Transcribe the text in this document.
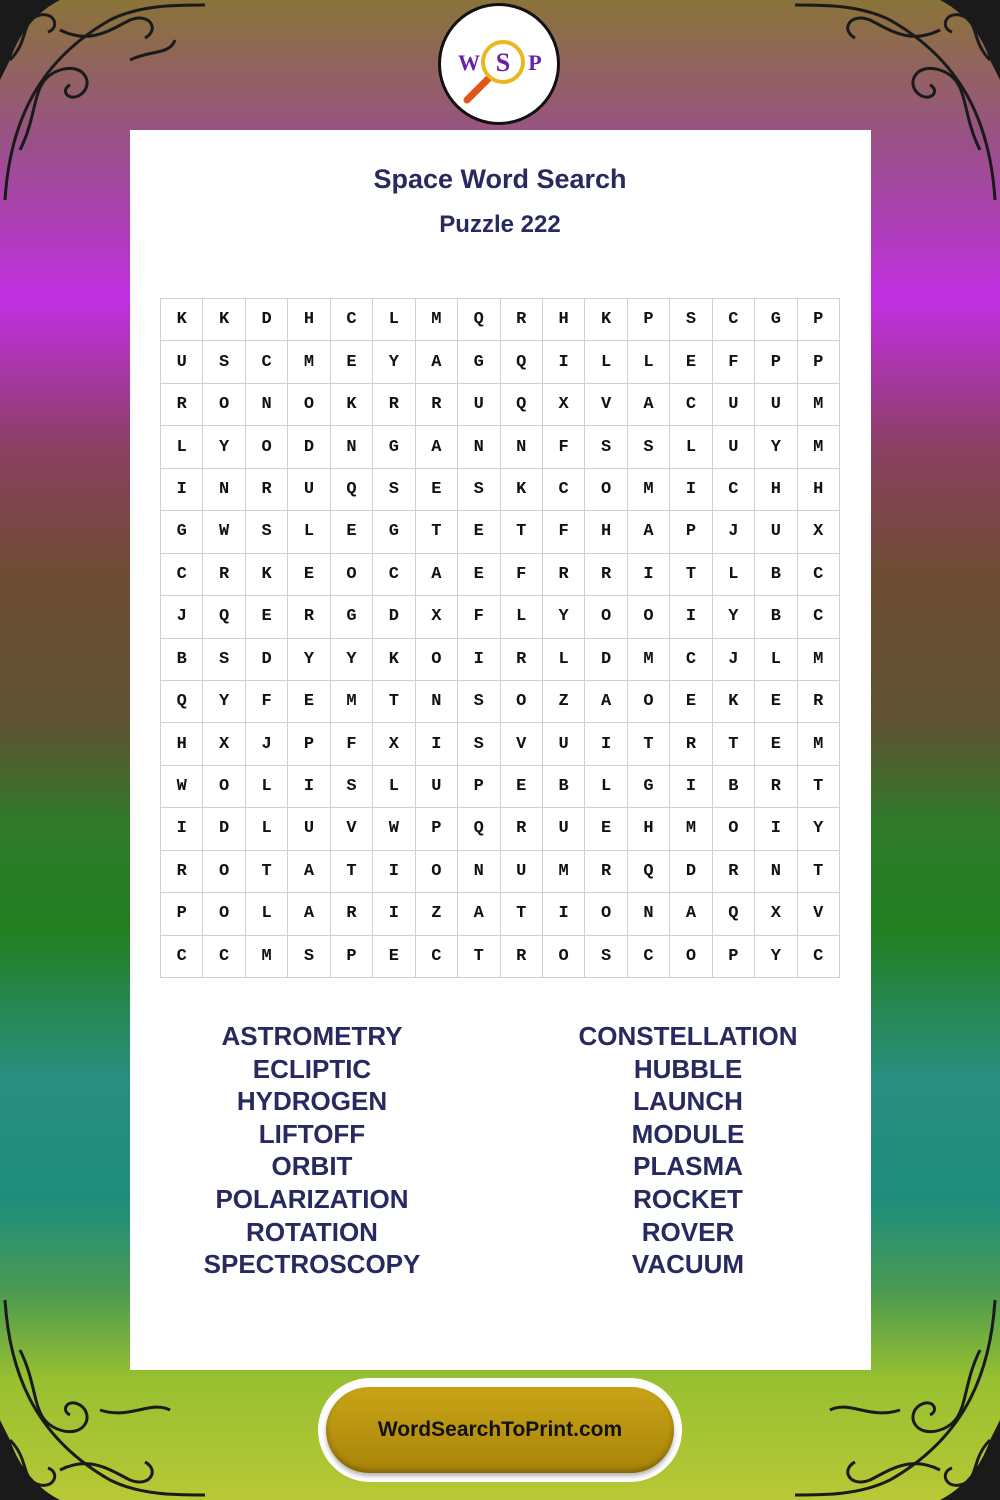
W S P
Space Word Search
Puzzle 222
K	K	D	H	C	L	M	Q	R	H	K	P	S	C	G	P
U	S	C	M	E	Y	A	G	Q	I	L	L	E	F	P	P
R	O	N	O	K	R	R	U	Q	X	V	A	C	U	U	M
L	Y	O	D	N	G	A	N	N	F	S	S	L	U	Y	M
I	N	R	U	Q	S	E	S	K	C	O	M	I	C	H	H
G	W	S	L	E	G	T	E	T	F	H	A	P	J	U	X
C	R	K	E	O	C	A	E	F	R	R	I	T	L	B	C
J	Q	E	R	G	D	X	F	L	Y	O	O	I	Y	B	C
B	S	D	Y	Y	K	O	I	R	L	D	M	C	J	L	M
Q	Y	F	E	M	T	N	S	O	Z	A	O	E	K	E	R
H	X	J	P	F	X	I	S	V	U	I	T	R	T	E	M
W	O	L	I	S	L	U	P	E	B	L	G	I	B	R	T
I	D	L	U	V	W	P	Q	R	U	E	H	M	O	I	Y
R	O	T	A	T	I	O	N	U	M	R	Q	D	R	N	T
P	O	L	A	R	I	Z	A	T	I	O	N	A	Q	X	V
C	C	M	S	P	E	C	T	R	O	S	C	O	P	Y	C
ASTROMETRY
ECLIPTIC
HYDROGEN
LIFTOFF
ORBIT
POLARIZATION
ROTATION
SPECTROSCOPY
CONSTELLATION
HUBBLE
LAUNCH
MODULE
PLASMA
ROCKET
ROVER
VACUUM
WordSearchToPrint.com
